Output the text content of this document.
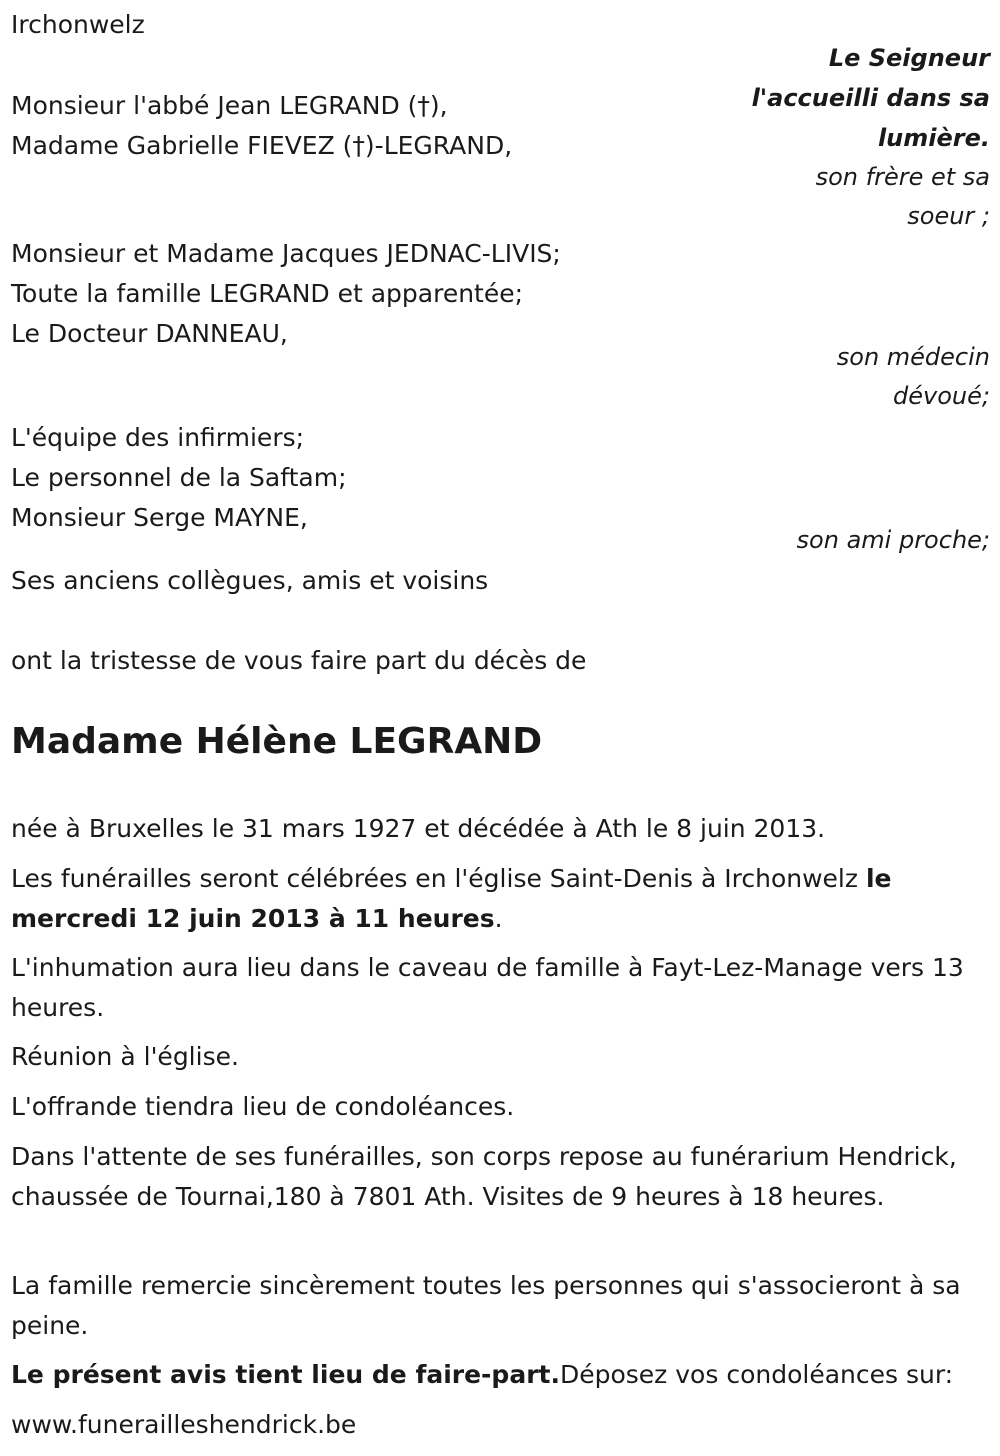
Irchonwelz
Le Seigneur
l'accueilli dans sa
lumière.
son frère et sa
soeur ;
Monsieur l'abbé Jean LEGRAND (†),
Madame Gabrielle FIEVEZ (†)-LEGRAND,
Monsieur et Madame Jacques JEDNAC-LIVIS;
Toute la famille LEGRAND et apparentée;
Le Docteur DANNEAU,
son médecin
dévoué;
L'équipe des infirmiers;
Le personnel de la Saftam;
Monsieur Serge MAYNE,
son ami proche;
Ses anciens collègues, amis et voisins
ont la tristesse de vous faire part du décès de
Madame Hélène LEGRAND
née à Bruxelles le 31 mars 1927 et décédée à Ath le 8 juin 2013.
Les funérailles seront célébrées en l'église Saint-Denis à Irchonwelz le mercredi 12 juin 2013 à 11 heures.
L'inhumation aura lieu dans le caveau de famille à Fayt-Lez-Manage vers 13 heures.
Réunion à l'église.
L'offrande tiendra lieu de condoléances.
Dans l'attente de ses funérailles, son corps repose au funérarium Hendrick, chaussée de Tournai,180 à 7801 Ath. Visites de 9 heures à 18 heures.
La famille remercie sincèrement toutes les personnes qui s'associeront à sa peine.
Le présent avis tient lieu de faire-part.Déposez vos condoléances sur:
www.funerailleshendrick.be
